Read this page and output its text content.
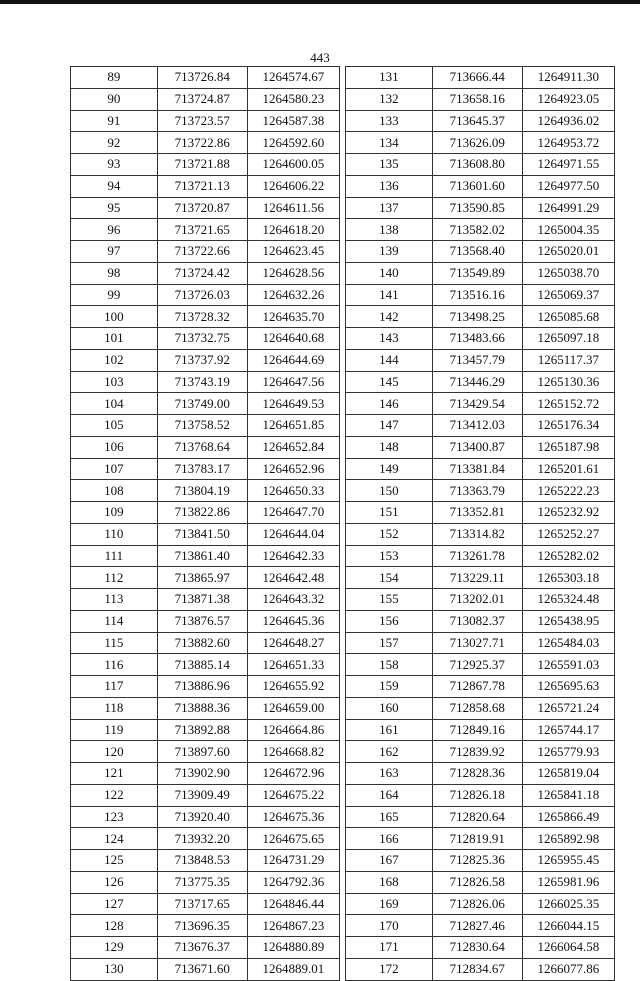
443
89	713726.84	1264574.67
90	713724.87	1264580.23
91	713723.57	1264587.38
92	713722.86	1264592.60
93	713721.88	1264600.05
94	713721.13	1264606.22
95	713720.87	1264611.56
96	713721.65	1264618.20
97	713722.66	1264623.45
98	713724.42	1264628.56
99	713726.03	1264632.26
100	713728.32	1264635.70
101	713732.75	1264640.68
102	713737.92	1264644.69
103	713743.19	1264647.56
104	713749.00	1264649.53
105	713758.52	1264651.85
106	713768.64	1264652.84
107	713783.17	1264652.96
108	713804.19	1264650.33
109	713822.86	1264647.70
110	713841.50	1264644.04
111	713861.40	1264642.33
112	713865.97	1264642.48
113	713871.38	1264643.32
114	713876.57	1264645.36
115	713882.60	1264648.27
116	713885.14	1264651.33
117	713886.96	1264655.92
118	713888.36	1264659.00
119	713892.88	1264664.86
120	713897.60	1264668.82
121	713902.90	1264672.96
122	713909.49	1264675.22
123	713920.40	1264675.36
124	713932.20	1264675.65
125	713848.53	1264731.29
126	713775.35	1264792.36
127	713717.65	1264846.44
128	713696.35	1264867.23
129	713676.37	1264880.89
130	713671.60	1264889.01
131	713666.44	1264911.30
132	713658.16	1264923.05
133	713645.37	1264936.02
134	713626.09	1264953.72
135	713608.80	1264971.55
136	713601.60	1264977.50
137	713590.85	1264991.29
138	713582.02	1265004.35
139	713568.40	1265020.01
140	713549.89	1265038.70
141	713516.16	1265069.37
142	713498.25	1265085.68
143	713483.66	1265097.18
144	713457.79	1265117.37
145	713446.29	1265130.36
146	713429.54	1265152.72
147	713412.03	1265176.34
148	713400.87	1265187.98
149	713381.84	1265201.61
150	713363.79	1265222.23
151	713352.81	1265232.92
152	713314.82	1265252.27
153	713261.78	1265282.02
154	713229.11	1265303.18
155	713202.01	1265324.48
156	713082.37	1265438.95
157	713027.71	1265484.03
158	712925.37	1265591.03
159	712867.78	1265695.63
160	712858.68	1265721.24
161	712849.16	1265744.17
162	712839.92	1265779.93
163	712828.36	1265819.04
164	712826.18	1265841.18
165	712820.64	1265866.49
166	712819.91	1265892.98
167	712825.36	1265955.45
168	712826.58	1265981.96
169	712826.06	1266025.35
170	712827.46	1266044.15
171	712830.64	1266064.58
172	712834.67	1266077.86
